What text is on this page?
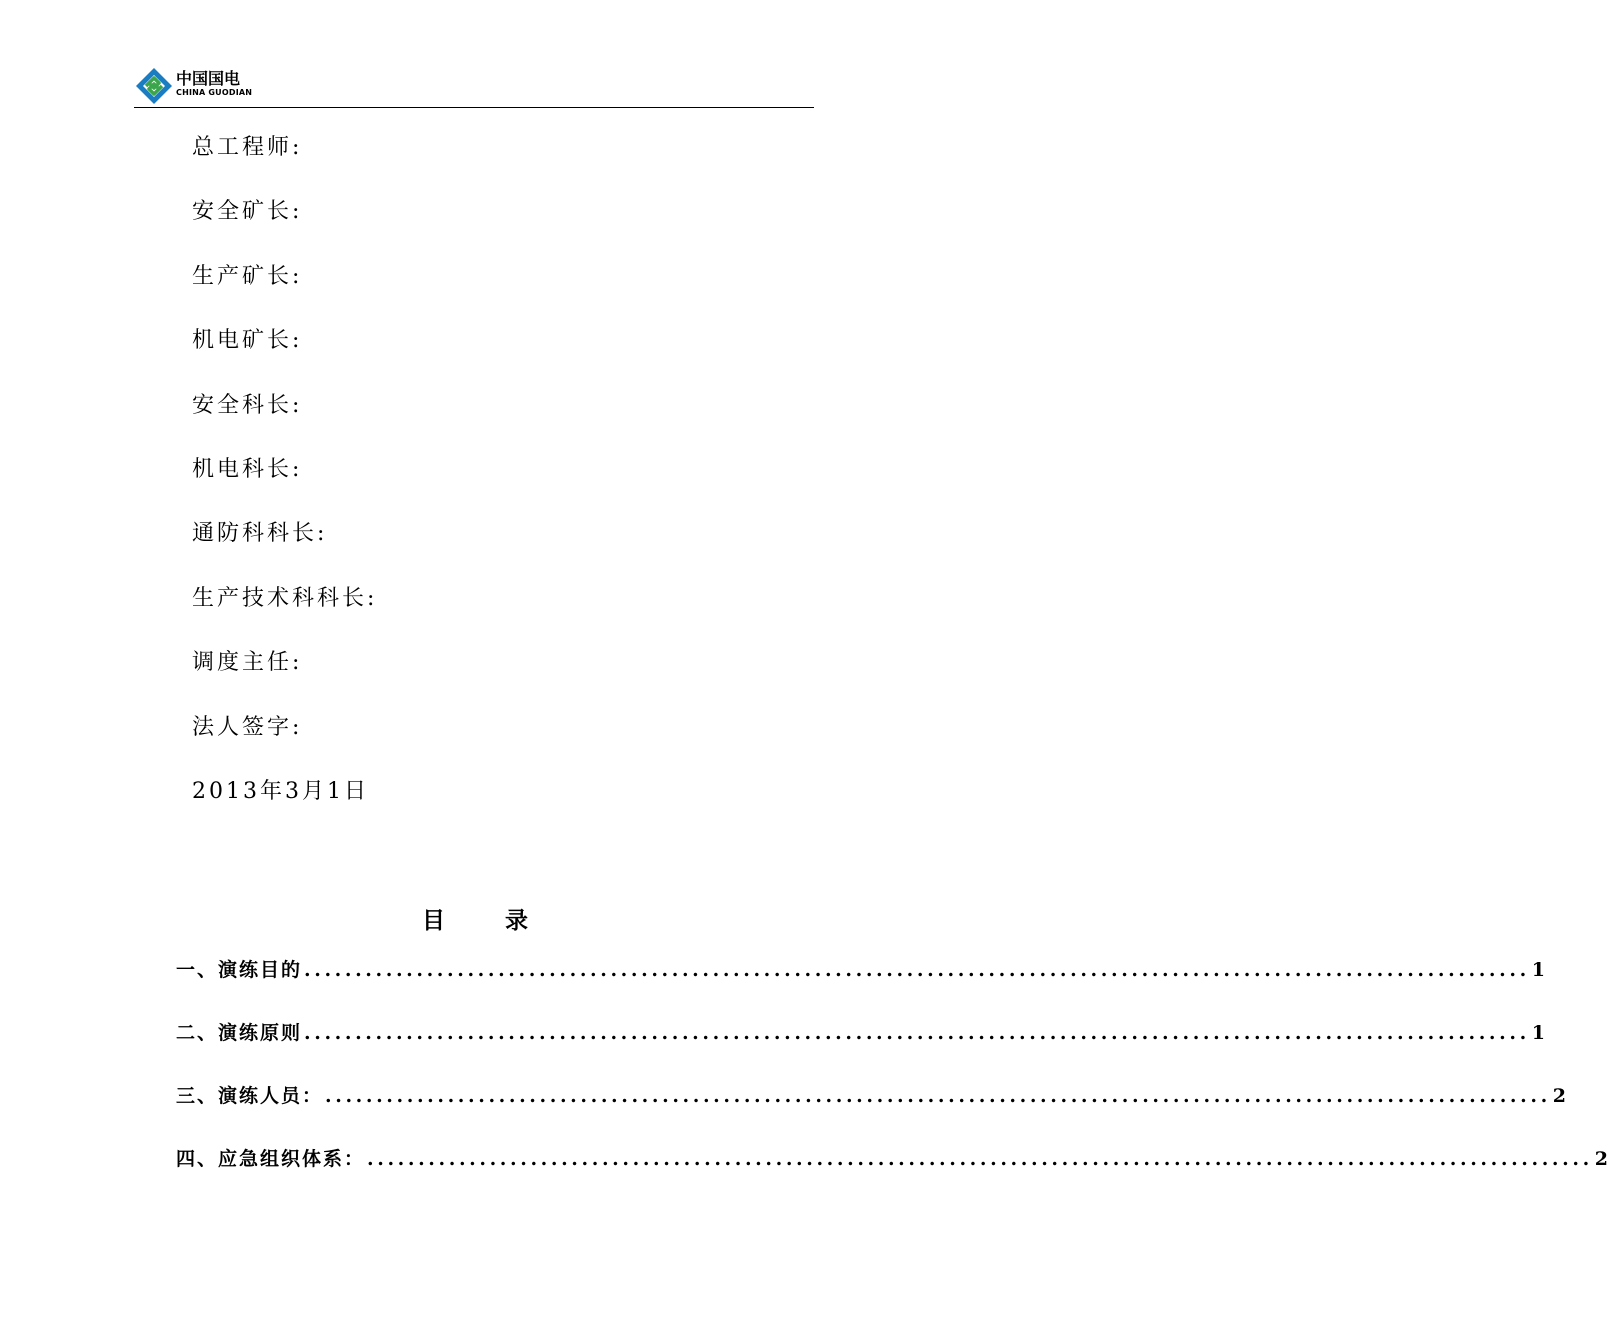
中国国电
CHINA GUODIAN
总工程师:
安全矿长:
生产矿长:
机电矿长:
安全科长:
机电科长:
通防科科长:
生产技术科科长:
调度主任:
法人签字:
2013年3月1日
目 录
一、演练目的 ........................................................................................................................ 1
二、演练原则 ........................................................................................................................ 1
三、演练人员： ........................................................................................................................ 2
四、应急组织体系： ........................................................................................................................ 2
